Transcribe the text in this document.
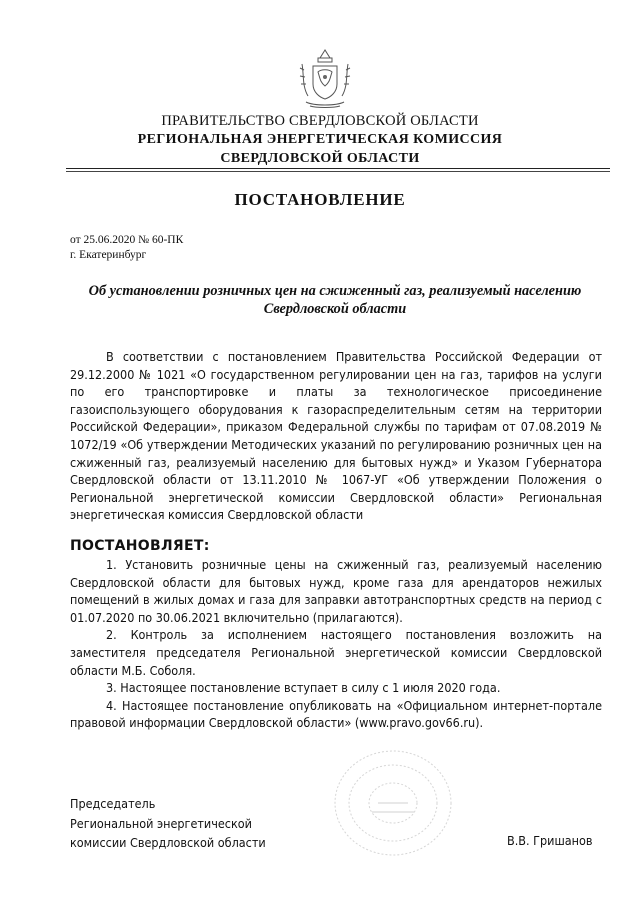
ПРАВИТЕЛЬСТВО СВЕРДЛОВСКОЙ ОБЛАСТИ
РЕГИОНАЛЬНАЯ ЭНЕРГЕТИЧЕСКАЯ КОМИССИЯ
СВЕРДЛОВСКОЙ ОБЛАСТИ
ПОСТАНОВЛЕНИЕ
от 25.06.2020 № 60-ПК
г. Екатеринбург
Об установлении розничных цен на сжиженный газ, реализуемый населению Свердловской области
В соответствии с постановлением Правительства Российской Федерации от 29.12.2000 № 1021 «О государственном регулировании цен на газ, тарифов на услуги по его транспортировке и платы за технологическое присоединение газоиспользующего оборудования к газораспределительным сетям на территории Российской Федерации», приказом Федеральной службы по тарифам от 07.08.2019 № 1072/19 «Об утверждении Методических указаний по регулированию розничных цен на сжиженный газ, реализуемый населению для бытовых нужд» и Указом Губернатора Свердловской области от 13.11.2010 № 1067-УГ «Об утверждении Положения о Региональной энергетической комиссии Свердловской области» Региональная энергетическая комиссия Свердловской области
ПОСТАНОВЛЯЕТ:

1. Установить розничные цены на сжиженный газ, реализуемый населению Свердловской области для бытовых нужд, кроме газа для арендаторов нежилых помещений в жилых домах и газа для заправки автотранспортных средств на период с 01.07.2020 по 30.06.2021 включительно (прилагаются).

2. Контроль за исполнением настоящего постановления возложить на заместителя председателя Региональной энергетической комиссии Свердловской области М.Б. Соболя.

3. Настоящее постановление вступает в силу с 1 июля 2020 года.

4. Настоящее постановление опубликовать на «Официальном интернет-портале правовой информации Свердловской области» (www.pravo.gov66.ru).

Председатель
Региональной энергетической
комиссии Свердловской области	В.В. Гришанов
